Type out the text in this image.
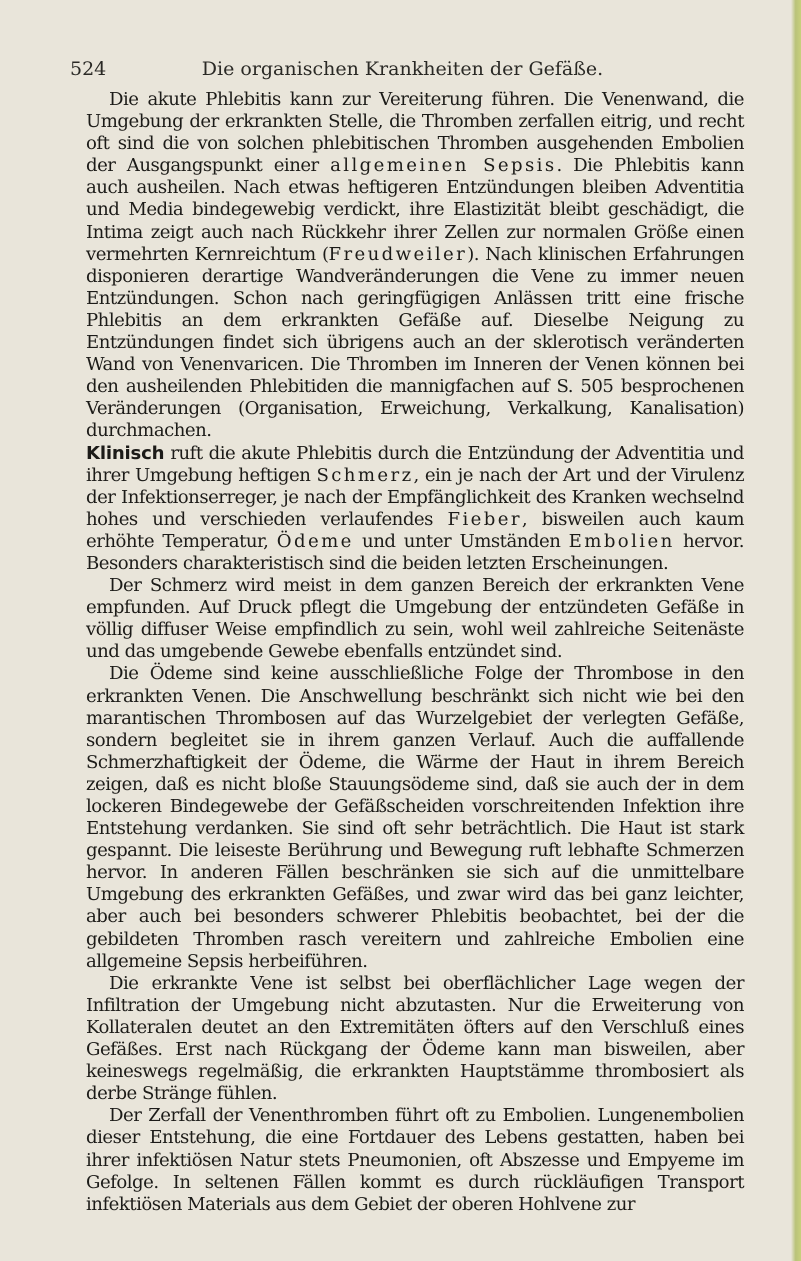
524	Die organischen Krankheiten der Gefäße.

Die akute Phlebitis kann zur Vereiterung führen. Die Venenwand, die Umgebung der erkrankten Stelle, die Thromben zerfallen eitrig, und recht oft sind die von solchen phlebitischen Thromben ausgehenden Embolien der Ausgangspunkt einer allgemeinen Sepsis. Die Phlebitis kann auch ausheilen. Nach etwas heftigeren Entzündungen bleiben Adventitia und Media bindegewebig verdickt, ihre Elastizität bleibt geschädigt, die Intima zeigt auch nach Rückkehr ihrer Zellen zur normalen Größe einen vermehrten Kernreichtum (Freudweiler). Nach klinischen Erfahrungen disponieren derartige Wandveränderungen die Vene zu immer neuen Entzündungen. Schon nach geringfügigen Anlässen tritt eine frische Phlebitis an dem erkrankten Gefäße auf. Dieselbe Neigung zu Entzündungen findet sich übrigens auch an der sklerotisch veränderten Wand von Venenvaricen. Die Thromben im Inneren der Venen können bei den ausheilenden Phlebitiden die mannigfachen auf S. 505 besprochenen Veränderungen (Organisation, Erweichung, Verkalkung, Kanalisation) durchmachen.

Klinisch ruft die akute Phlebitis durch die Entzündung der Adventitia und ihrer Umgebung heftigen Schmerz, ein je nach der Art und der Virulenz der Infektionserreger, je nach der Empfänglichkeit des Kranken wechselnd hohes und verschieden verlaufendes Fieber, bisweilen auch kaum erhöhte Temperatur, Ödeme und unter Umständen Embolien hervor. Besonders charakteristisch sind die beiden letzten Erscheinungen.

Der Schmerz wird meist in dem ganzen Bereich der erkrankten Vene empfunden. Auf Druck pflegt die Umgebung der entzündeten Gefäße in völlig diffuser Weise empfindlich zu sein, wohl weil zahlreiche Seitenäste und das umgebende Gewebe ebenfalls entzündet sind.

Die Ödeme sind keine ausschließliche Folge der Thrombose in den erkrankten Venen. Die Anschwellung beschränkt sich nicht wie bei den marantischen Thrombosen auf das Wurzelgebiet der verlegten Gefäße, sondern begleitet sie in ihrem ganzen Verlauf. Auch die auffallende Schmerzhaftigkeit der Ödeme, die Wärme der Haut in ihrem Bereich zeigen, daß es nicht bloße Stauungsödeme sind, daß sie auch der in dem lockeren Bindegewebe der Gefäßscheiden vorschreitenden Infektion ihre Entstehung verdanken. Sie sind oft sehr beträchtlich. Die Haut ist stark gespannt. Die leiseste Berührung und Bewegung ruft lebhafte Schmerzen hervor. In anderen Fällen beschränken sie sich auf die unmittelbare Umgebung des erkrankten Gefäßes, und zwar wird das bei ganz leichter, aber auch bei besonders schwerer Phlebitis beobachtet, bei der die gebildeten Thromben rasch vereitern und zahlreiche Embolien eine allgemeine Sepsis herbeiführen.

Die erkrankte Vene ist selbst bei oberflächlicher Lage wegen der Infiltration der Umgebung nicht abzutasten. Nur die Erweiterung von Kollateralen deutet an den Extremitäten öfters auf den Verschluß eines Gefäßes. Erst nach Rückgang der Ödeme kann man bisweilen, aber keineswegs regelmäßig, die erkrankten Hauptstämme thrombosiert als derbe Stränge fühlen.

Der Zerfall der Venenthromben führt oft zu Embolien. Lungenembolien dieser Entstehung, die eine Fortdauer des Lebens gestatten, haben bei ihrer infektiösen Natur stets Pneumonien, oft Abszesse und Empyeme im Gefolge. In seltenen Fällen kommt es durch rückläufigen Transport infektiösen Materials aus dem Gebiet der oberen Hohlvene zur
